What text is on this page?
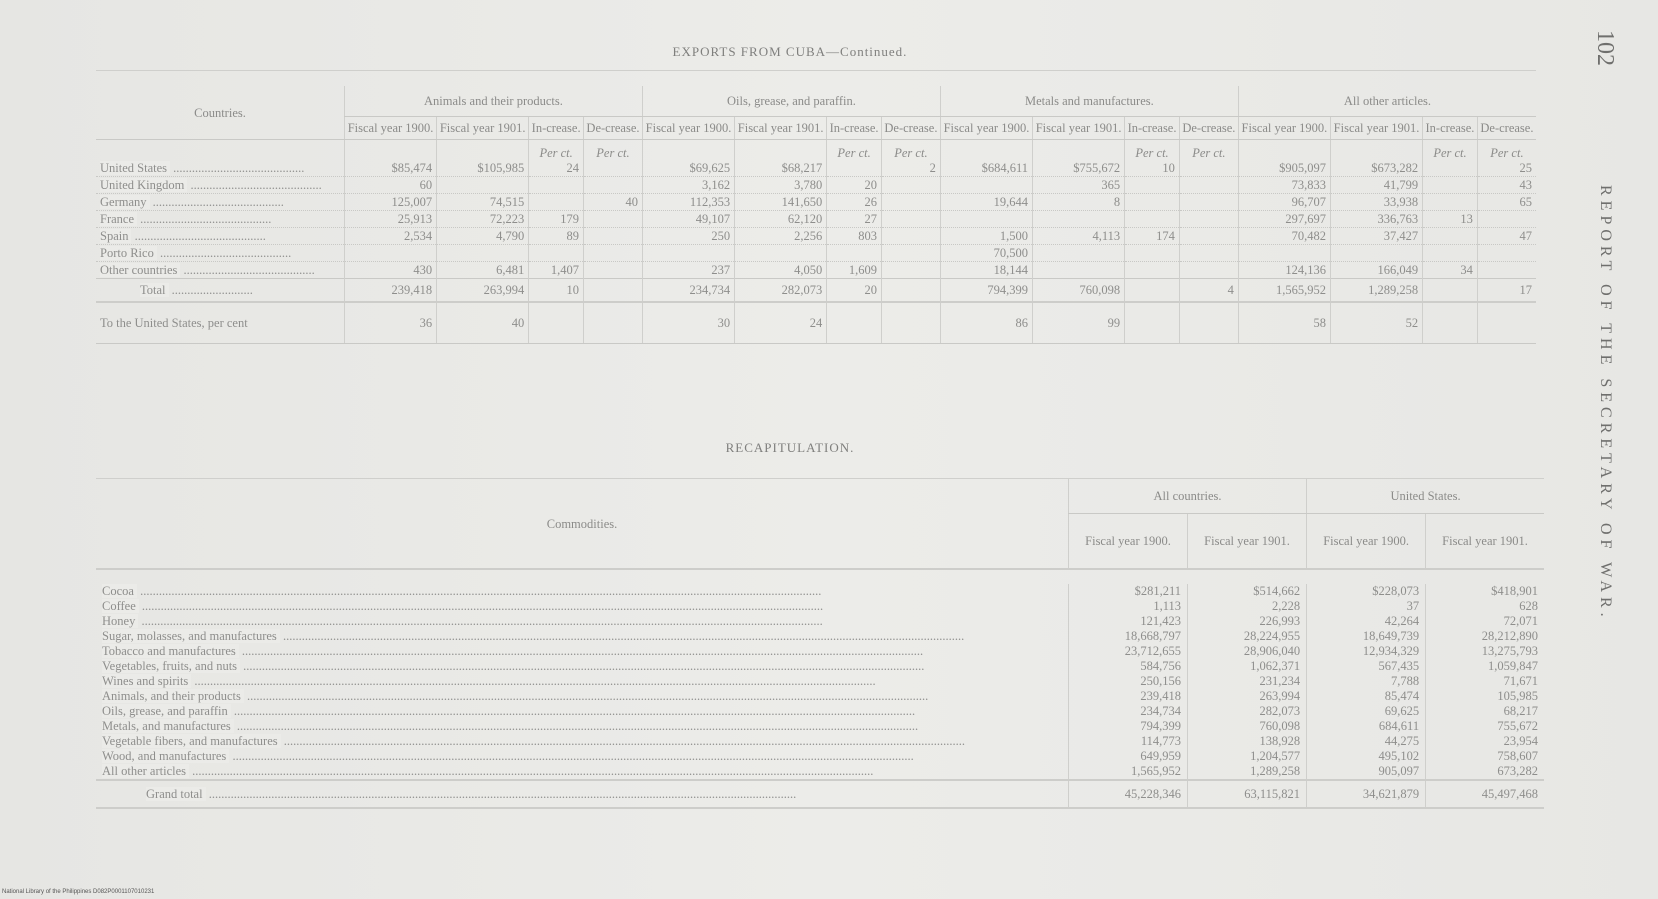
EXPORTS FROM CUBA—Continued.
Countries.	Animals and their products.				Oils, grease, and paraffin.				Metals and manufactures.				All other articles.			
	Fiscal year 1900.	Fiscal year 1901.	In-crease.	De-crease.	Fiscal year 1900.	Fiscal year 1901.	In-crease.	De-crease.	Fiscal year 1900.	Fiscal year 1901.	In-crease.	De-crease.	Fiscal year 1900.	Fiscal year 1901.	In-crease.	De-crease.
			Per ct.	Per ct.			Per ct.	Per ct.			Per ct.	Per ct.			Per ct.	Per ct.
United States ..........................................	$85,474	$105,985	24		$69,625	$68,217		2	$684,611	$755,672	10		$905,097	$673,282		25
United Kingdom ..........................................	60				3,162	3,780	20			365			73,833	41,799		43
Germany ..........................................	125,007	74,515		40	112,353	141,650	26		19,644	8			96,707	33,938		65
France ..........................................	25,913	72,223	179		49,107	62,120	27						297,697	336,763	13	
Spain ..........................................	2,534	4,790	89		250	2,256	803		1,500	4,113	174		70,482	37,427		47
Porto Rico ..........................................									70,500							
Other countries ..........................................	430	6,481	1,407		237	4,050	1,609		18,144				124,136	166,049	34	
Total ..........................	239,418	263,994	10		234,734	282,073	20		794,399	760,098		4	1,565,952	1,289,258		17
To the United States, per cent	36	40			30	24			86	99			58	52		
RECAPITULATION.
Commodities.	All countries.		United States.	
	Fiscal year 1900.	Fiscal year 1901.	Fiscal year 1900.	Fiscal year 1901.

Cocoa ..........................................................................................................................................................................................................................	$281,211	$514,662	$228,073	$418,901
Coffee ..........................................................................................................................................................................................................................	1,113	2,228	37	628
Honey ..........................................................................................................................................................................................................................	121,423	226,993	42,264	72,071
Sugar, molasses, and manufactures ..........................................................................................................................................................................................................................	18,668,797	28,224,955	18,649,739	28,212,890
Tobacco and manufactures ..........................................................................................................................................................................................................................	23,712,655	28,906,040	12,934,329	13,275,793
Vegetables, fruits, and nuts ..........................................................................................................................................................................................................................	584,756	1,062,371	567,435	1,059,847
Wines and spirits ..........................................................................................................................................................................................................................	250,156	231,234	7,788	71,671
Animals, and their products ..........................................................................................................................................................................................................................	239,418	263,994	85,474	105,985
Oils, grease, and paraffin ..........................................................................................................................................................................................................................	234,734	282,073	69,625	68,217
Metals, and manufactures ..........................................................................................................................................................................................................................	794,399	760,098	684,611	755,672
Vegetable fibers, and manufactures ..........................................................................................................................................................................................................................	114,773	138,928	44,275	23,954
Wood, and manufactures ..........................................................................................................................................................................................................................	649,959	1,204,577	495,102	758,607
All other articles ..........................................................................................................................................................................................................................	1,565,952	1,289,258	905,097	673,282
Grand total ............................................................................................................................................................................................	45,228,346	63,115,821	34,621,879	45,497,468
102 REPORT OF THE SECRETARY OF WAR.
National Library of the Philippines D082P0001107010231
